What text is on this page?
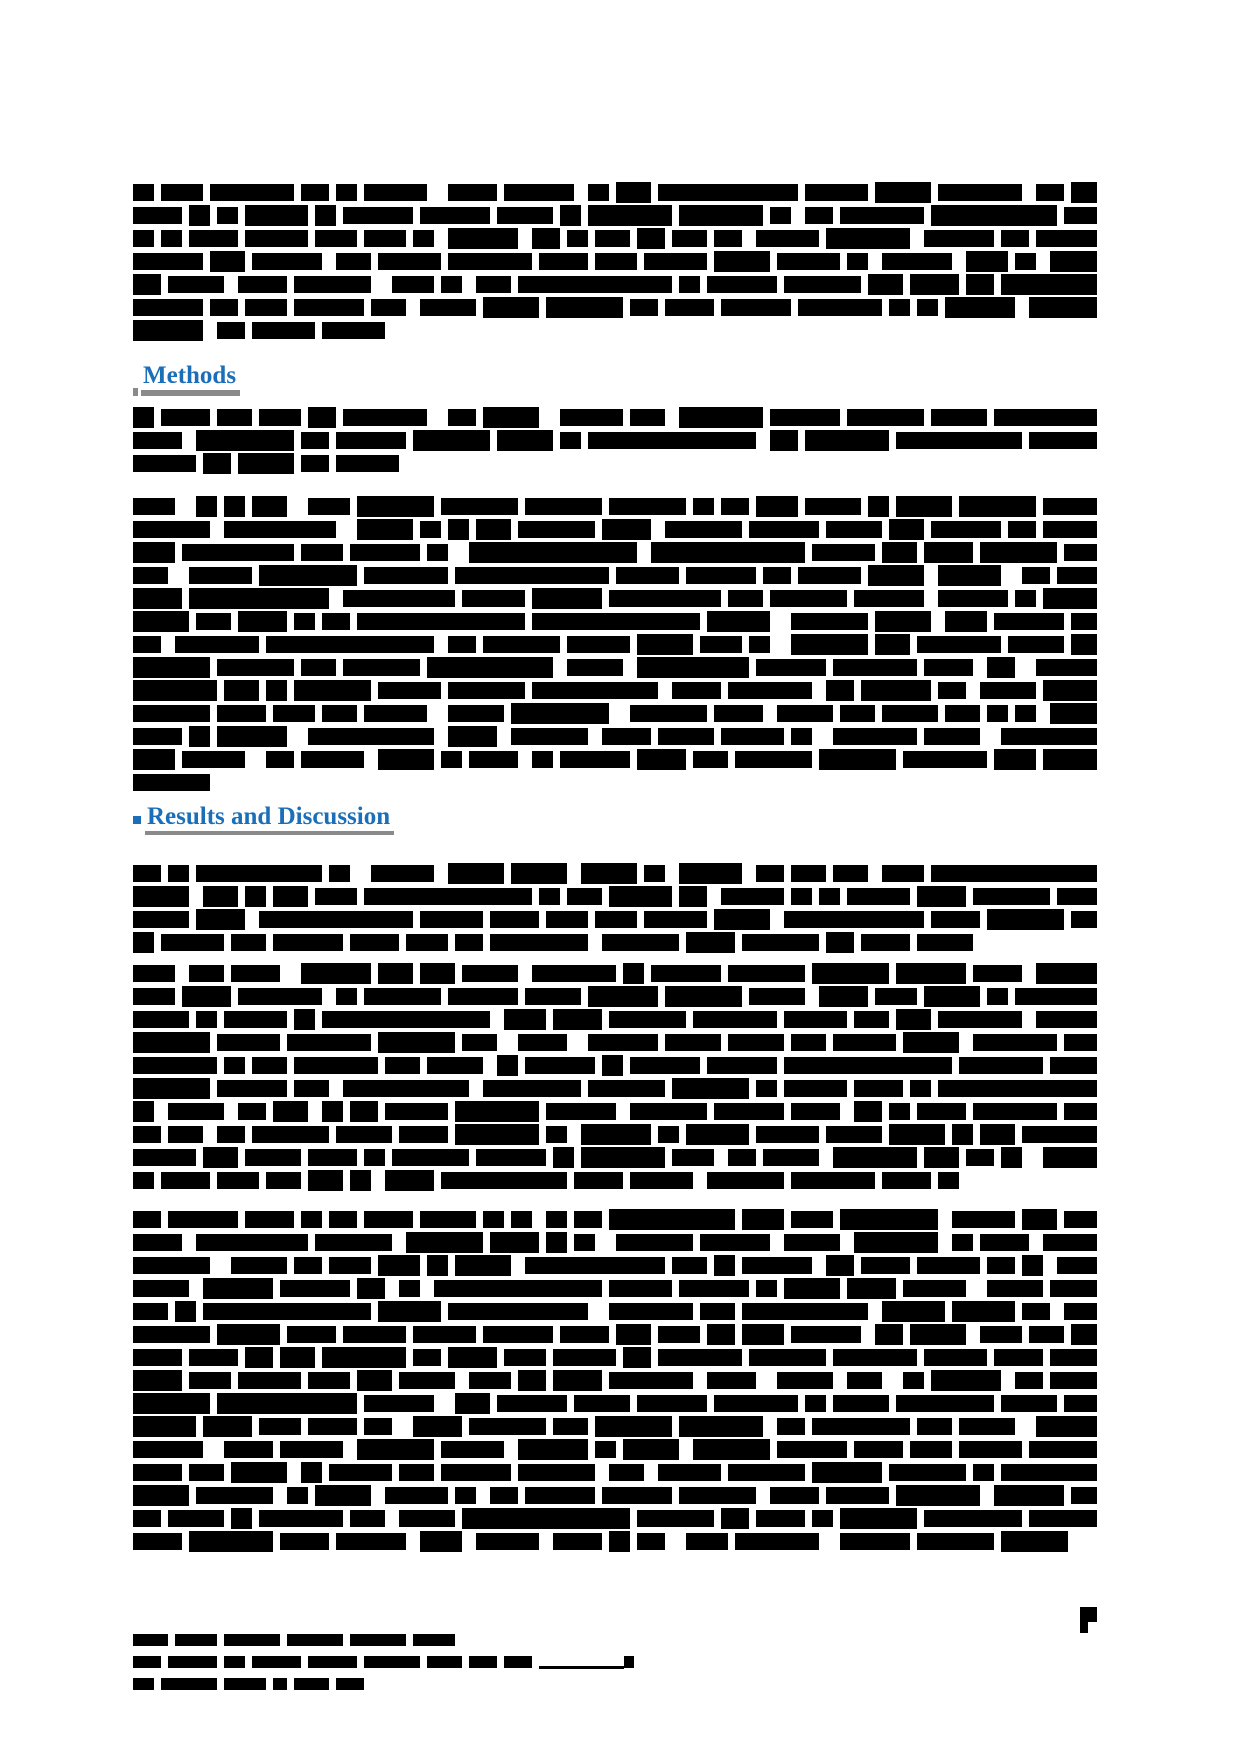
Methods
Results and Discussion
